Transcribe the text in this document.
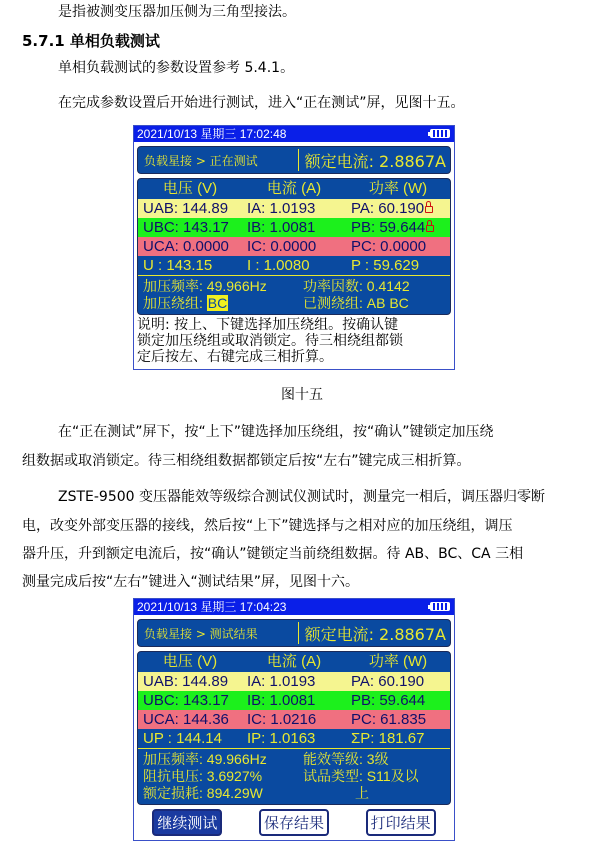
是指被测变压器加压侧为三角型接法。
5.7.1 单相负载测试
单相负载测试的参数设置参考 5.4.1。
在完成参数设置后开始进行测试，进入“正在测试”屏，见图十五。
2021/10/13 星期三 17:02:48
负载星接 > 正在测试	额定电流: 2.8867A
电压 (V)	电流 (A)	功率 (W)
UAB: 144.89	IA: 1.0193	PA: 60.190
UBC: 143.17	IB: 1.0081	PB: 59.644
UCA: 0.0000	IC: 0.0000	PC: 0.0000
U : 143.15	I : 1.0080	P : 59.629
加压频率: 49.966Hz	功率因数: 0.4142
加压绕组: BC	已测绕组: AB BC
说明: 按上、下键选择加压绕组。按确认键
锁定加压绕组或取消锁定。待三相绕组都锁
定后按左、右键完成三相折算。
图十五
在“正在测试”屏下，按“上下”键选择加压绕组，按“确认”键锁定加压绕
组数据或取消锁定。待三相绕组数据都锁定后按“左右”键完成三相折算。
ZSTE-9500 变压器能效等级综合测试仪测试时，测量完一相后，调压器归零断
电，改变外部变压器的接线，然后按“上下”键选择与之相对应的加压绕组，调压
器升压，升到额定电流后，按“确认”键锁定当前绕组数据。待 AB、BC、CA 三相
测量完成后按“左右”键进入“测试结果”屏，见图十六。
2021/10/13 星期三 17:04:23
负载星接 > 测试结果	额定电流: 2.8867A
电压 (V)	电流 (A)	功率 (W)
UAB: 144.89	IA: 1.0193	PA: 60.190
UBC: 143.17	IB: 1.0081	PB: 59.644
UCA: 144.36	IC: 1.0216	PC: 61.835
UP : 144.14	IP: 1.0163	ΣP: 181.67
加压频率: 49.966Hz	能效等级: 3级
阻抗电压: 3.6927%	试品类型: S11及以
额定损耗: 894.29W	上
继续测试	保存结果	打印结果
